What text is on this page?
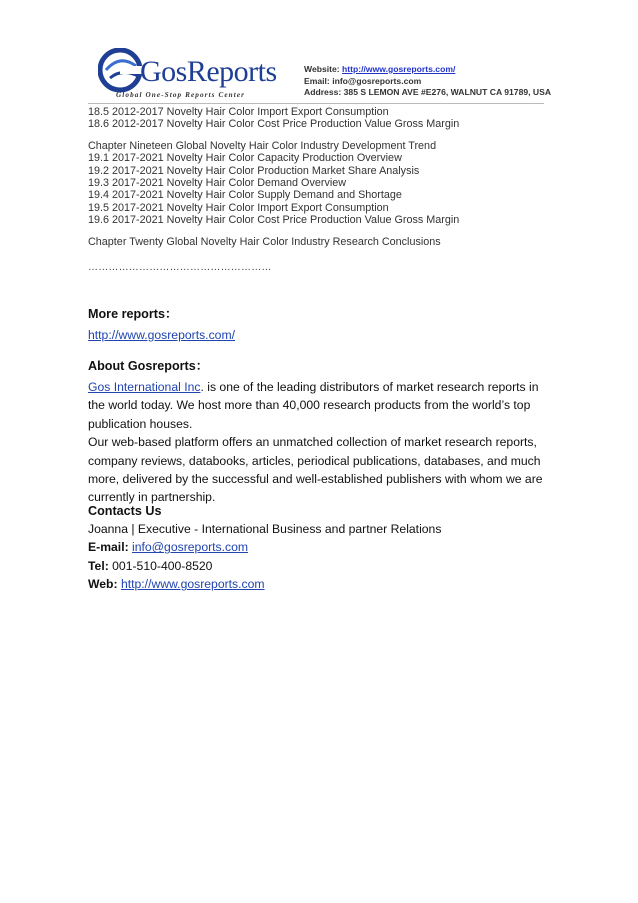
GosReports
Global One-Stop Reports Center
Website: http://www.gosreports.com/
Email: info@gosreports.com
Address: 385 S LEMON AVE #E276, WALNUT CA 91789, USA
18.5 2012-2017 Novelty Hair Color Import Export Consumption
18.6 2012-2017 Novelty Hair Color Cost Price Production Value Gross Margin
Chapter Nineteen Global Novelty Hair Color Industry Development Trend
19.1 2017-2021 Novelty Hair Color Capacity Production Overview
19.2 2017-2021 Novelty Hair Color Production Market Share Analysis
19.3 2017-2021 Novelty Hair Color Demand Overview
19.4 2017-2021 Novelty Hair Color Supply Demand and Shortage
19.5 2017-2021 Novelty Hair Color Import Export Consumption
19.6 2017-2021 Novelty Hair Color Cost Price Production Value Gross Margin
Chapter Twenty Global Novelty Hair Color Industry Research Conclusions
………………………………………………
More reports：
http://www.gosreports.com/
About Gosreports：
Gos International Inc. is one of the leading distributors of market research reports in
the world today. We host more than 40,000 research products from the world’s top
publication houses.
Our web-based platform offers an unmatched collection of market research reports,
company reviews, databooks, articles, periodical publications, databases, and much
more, delivered by the successful and well-established publishers with whom we are
currently in partnership.
Contacts Us
Joanna | Executive - International Business and partner Relations
E-mail: info@gosreports.com
Tel: 001-510-400-8520
Web: http://www.gosreports.com
